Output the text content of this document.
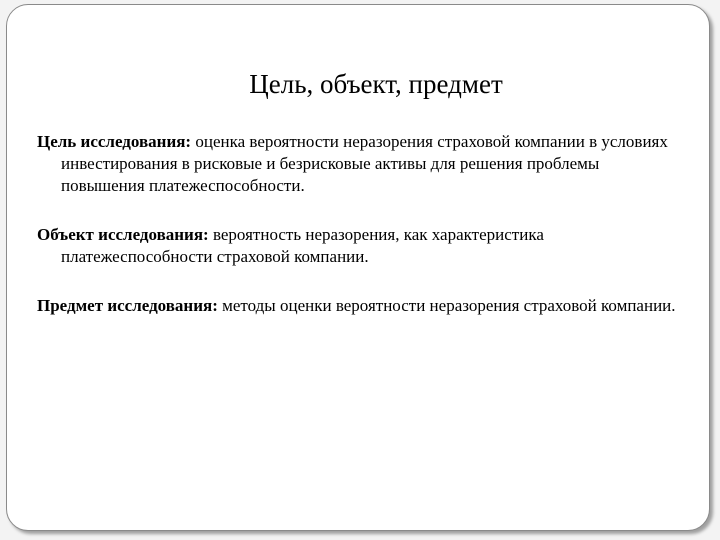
Цель, объект, предмет

Цель исследования: оценка вероятности неразорения страховой компании в условиях инвестирования в рисковые и безрисковые активы для решения проблемы повышения платежеспособности.

Объект исследования: вероятность неразорения, как характеристика платежеспособности страховой компании.

Предмет исследования: методы оценки вероятности неразорения страховой компании.
